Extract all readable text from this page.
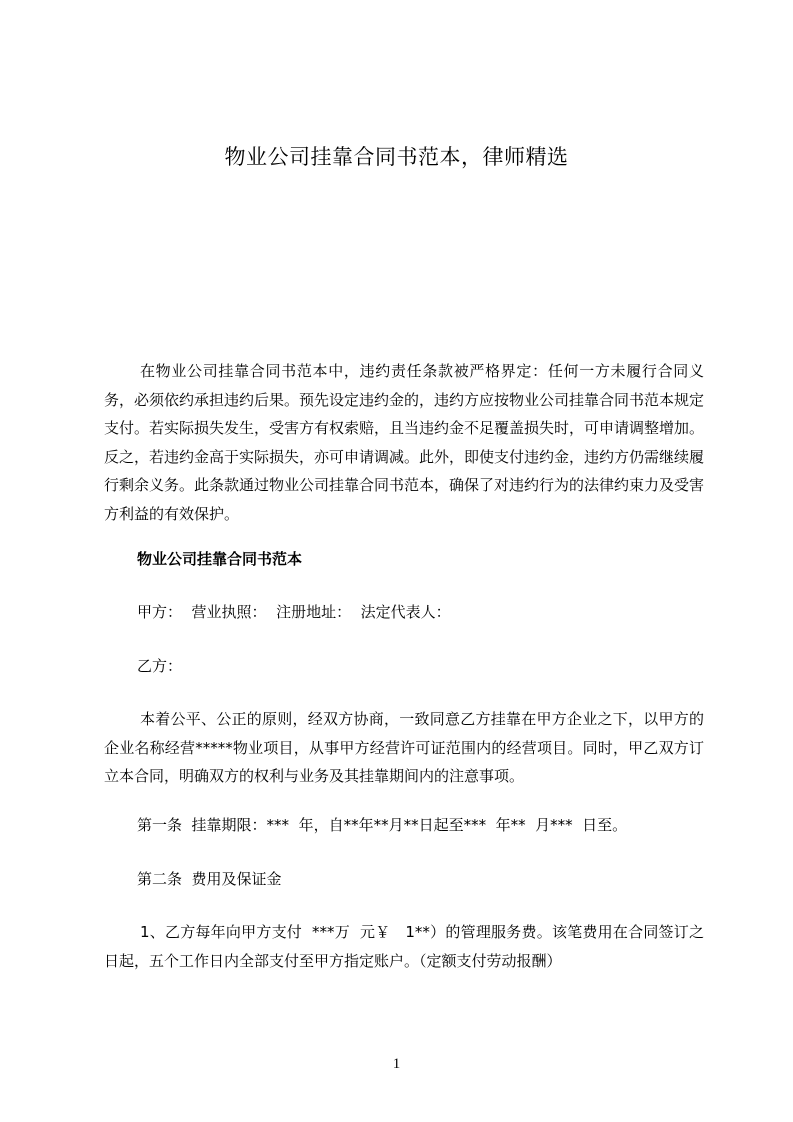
物业公司挂靠合同书范本，律师精选

在物业公司挂靠合同书范本中，违约责任条款被严格界定：任何一方未履行合同义务，必须依约承担违约后果。预先设定违约金的，违约方应按物业公司挂靠合同书范本规定支付。若实际损失发生，受害方有权索赔，且当违约金不足覆盖损失时，可申请调整增加。反之，若违约金高于实际损失，亦可申请调减。此外，即使支付违约金，违约方仍需继续履行剩余义务。此条款通过物业公司挂靠合同书范本，确保了对违约行为的法律约束力及受害方利益的有效保护。

物业公司挂靠合同书范本

甲方：  营业执照：  注册地址：  法定代表人：

乙方：

本着公平、公正的原则，经双方协商，一致同意乙方挂靠在甲方企业之下，以甲方的企业名称经营*****物业项目，从事甲方经营许可证范围内的经营项目。同时，甲乙双方订立本合同，明确双方的权利与业务及其挂靠期间内的注意事项。

第一条  挂靠期限：***  年，自**年**月**日起至***  年**  月***  日至。

第二条  费用及保证金

1、乙方每年向甲方支付  ***万  元￥   1**）的管理服务费。该笔费用在合同签订之日起，五个工作日内全部支付至甲方指定账户。（定额支付劳动报酬）

1
